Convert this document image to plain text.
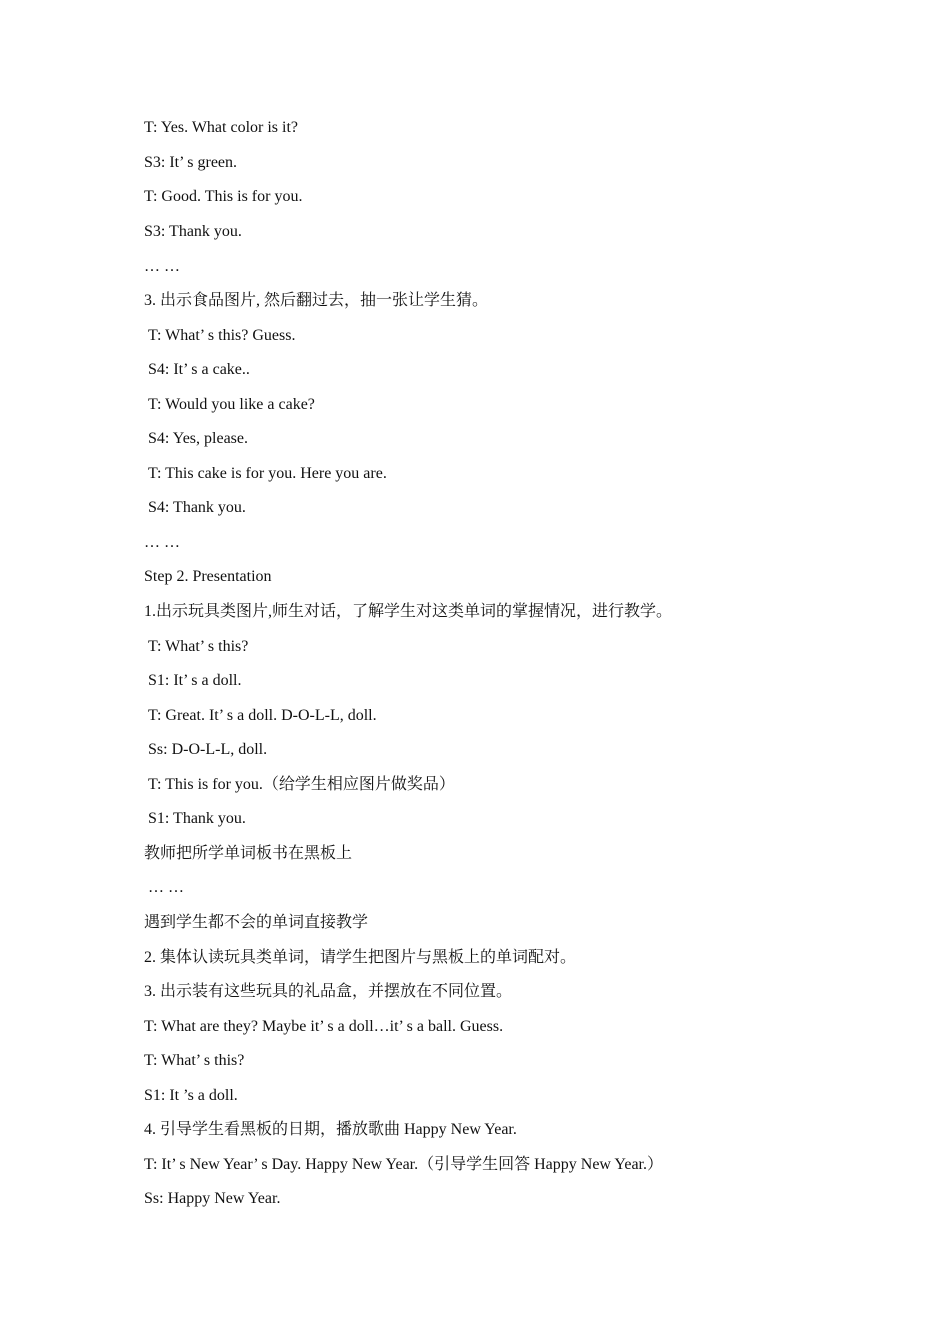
T: Yes. What color is it?
S3: It’ s green.
T: Good. This is for you.
S3: Thank you.
… …
3. 出示食品图片, 然后翻过去，抽一张让学生猜。
T: What’ s this? Guess.
S4: It’ s a cake..
T: Would you like a cake?
S4: Yes, please.
T: This cake is for you. Here you are.
S4: Thank you.
… …
Step 2. Presentation
1.出示玩具类图片,师生对话，了解学生对这类单词的掌握情况，进行教学。
T: What’ s this?
S1: It’ s a doll.
T: Great. It’ s a doll. D-O-L-L, doll.
Ss: D-O-L-L, doll.
T: This is for you.（给学生相应图片做奖品）
S1: Thank you.
教师把所学单词板书在黑板上
… …
遇到学生都不会的单词直接教学
2. 集体认读玩具类单词，请学生把图片与黑板上的单词配对。
3. 出示装有这些玩具的礼品盒，并摆放在不同位置。
T: What are they? Maybe it’ s a doll…it’ s a ball. Guess.
T: What’ s this?
S1: It ’s a doll.
4. 引导学生看黑板的日期，播放歌曲 Happy New Year.
T: It’ s New Year’ s Day. Happy New Year.（引导学生回答 Happy New Year.）
Ss: Happy New Year.
